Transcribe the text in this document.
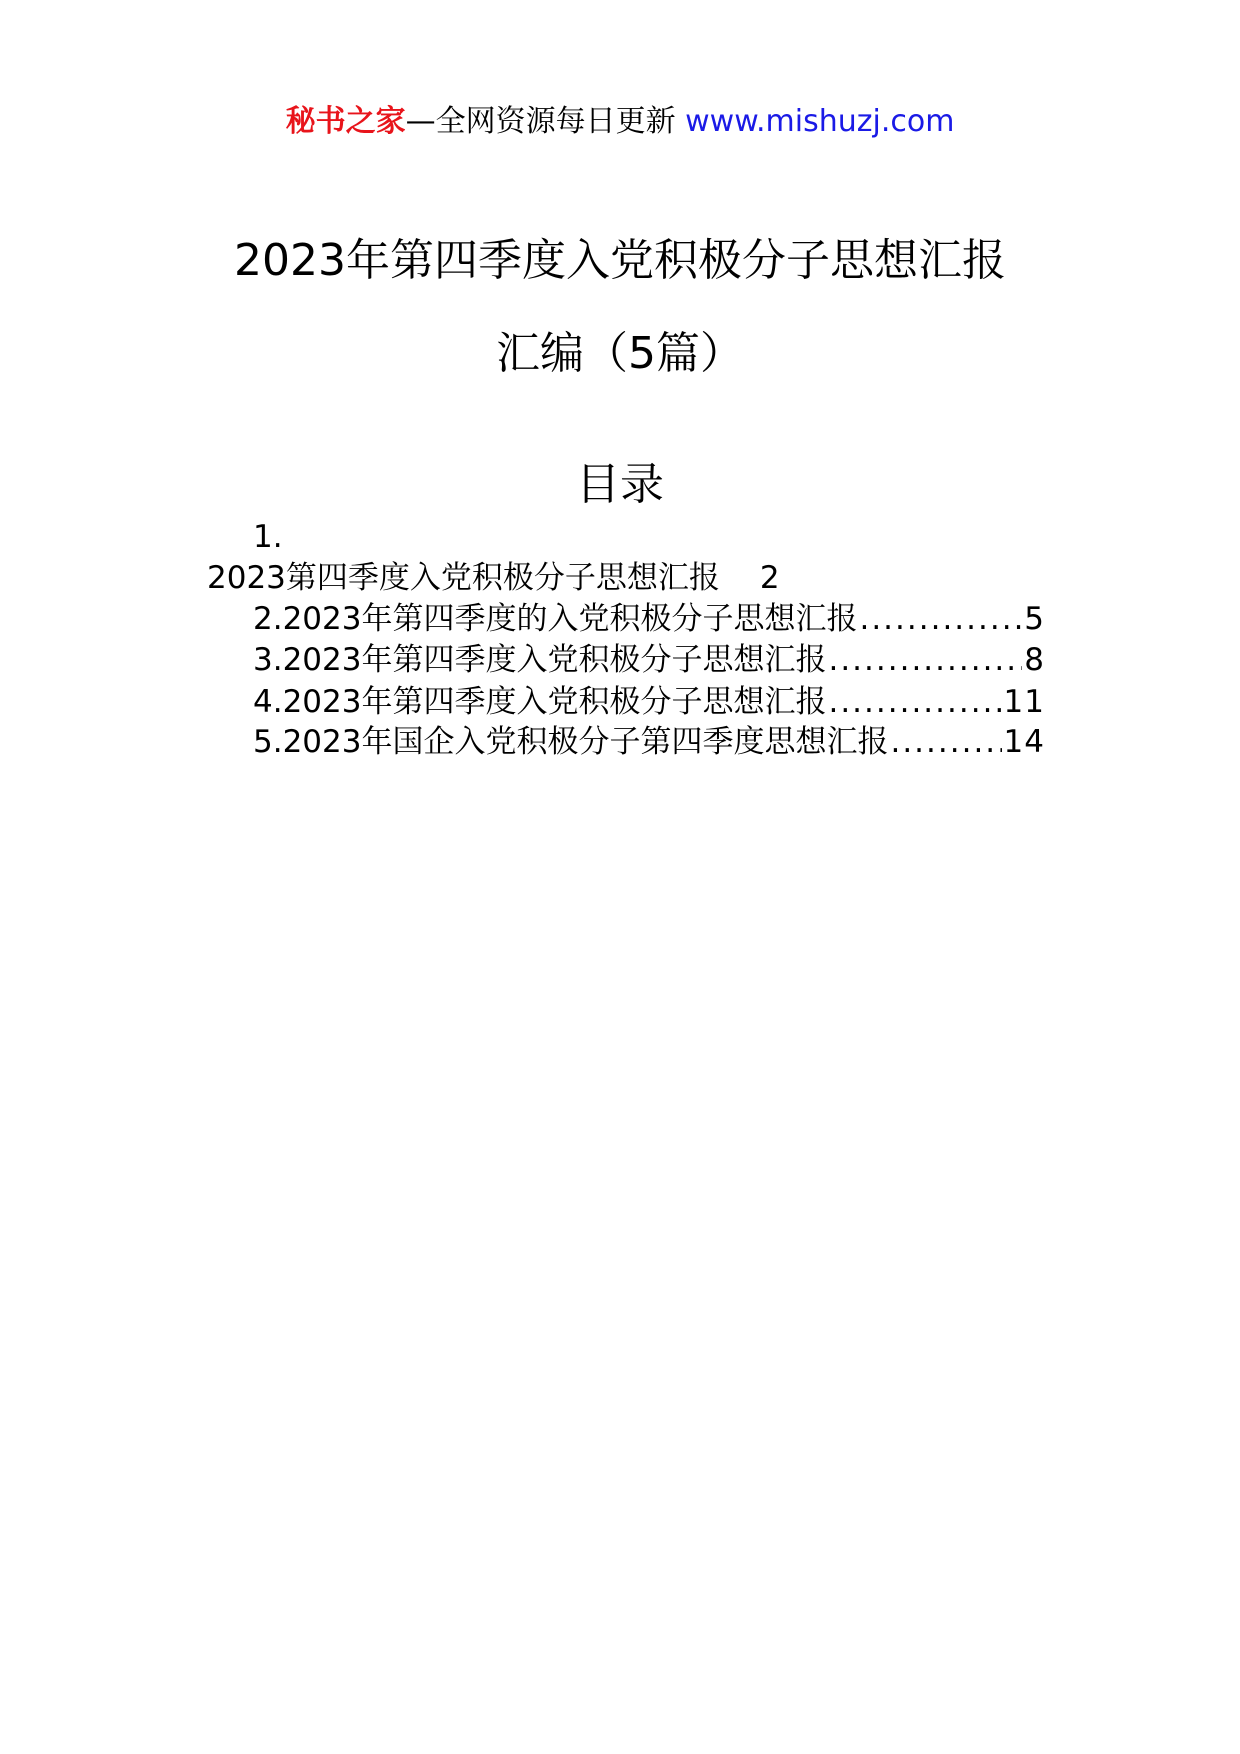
秘书之家—全网资源每日更新 www.mishuzj.com
2023年第四季度入党积极分子思想汇报
汇编（5篇）
目录
1.
2023第四季度入党积极分子思想汇报 2
2.2023年第四季度的入党积极分子思想汇报 .....	5
3.2023年第四季度入党积极分子思想汇报 .....	8
4.2023年第四季度入党积极分子思想汇报 .....	11
5.2023年国企入党积极分子第四季度思想汇报 .....	14
